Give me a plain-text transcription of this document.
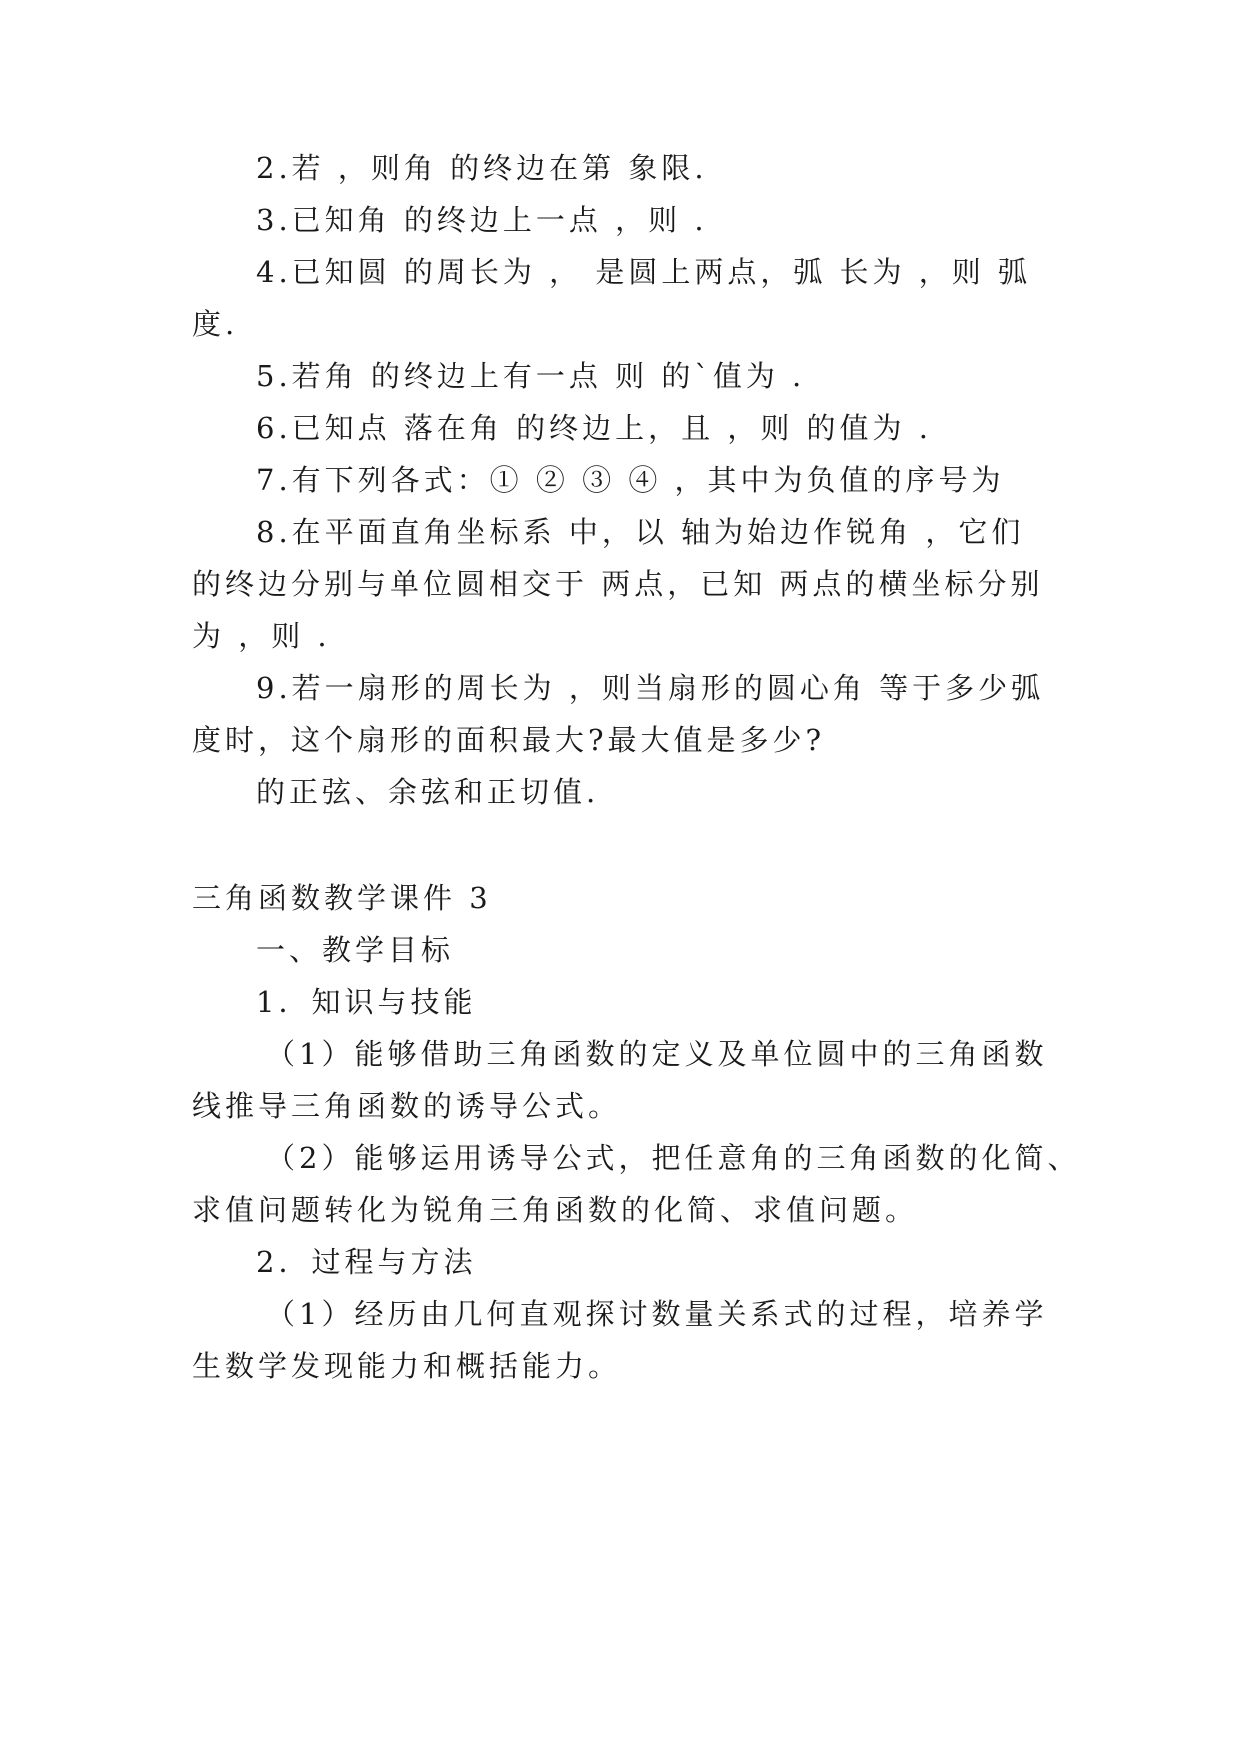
2.若 ，则角 的终边在第 象限.
3.已知角 的终边上一点 ，则 .
4.已知圆 的周长为 ， 是圆上两点，弧 长为 ，则 弧
度.
5.若角 的终边上有一点 则 的`值为 .
6.已知点 落在角 的终边上，且 ，则 的值为 .
7.有下列各式：① ② ③ ④ ，其中为负值的序号为
8.在平面直角坐标系 中，以 轴为始边作锐角 ，它们
的终边分别与单位圆相交于 两点，已知 两点的横坐标分别
为 ，则 .
9.若一扇形的周长为 ，则当扇形的圆心角 等于多少弧
度时，这个扇形的面积最大?最大值是多少?
的正弦、余弦和正切值.
三角函数教学课件 3
一、教学目标
1．知识与技能
（1）能够借助三角函数的定义及单位圆中的三角函数
线推导三角函数的诱导公式。
（2）能够运用诱导公式，把任意角的三角函数的化简、
求值问题转化为锐角三角函数的化简、求值问题。
2．过程与方法
（1）经历由几何直观探讨数量关系式的过程，培养学
生数学发现能力和概括能力。
